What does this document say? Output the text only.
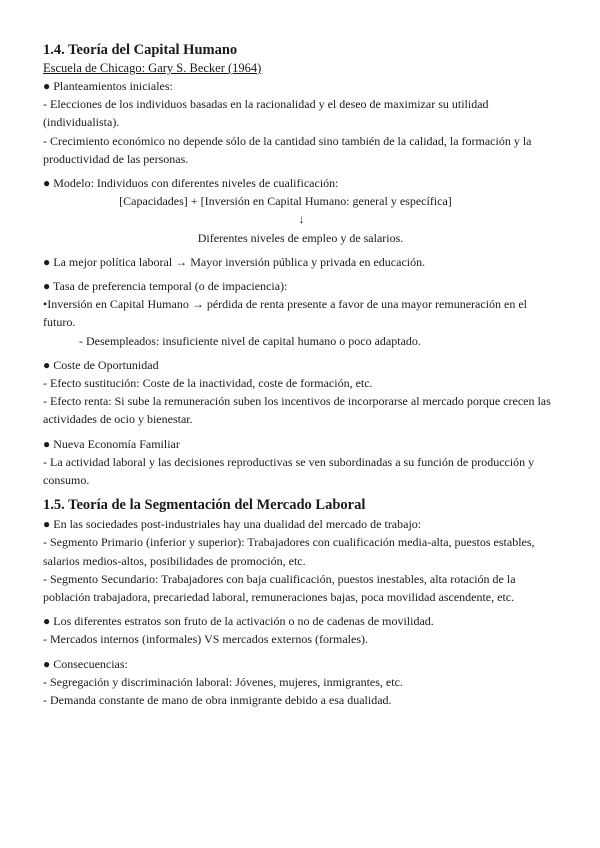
1.4. Teoría del Capital Humano

Escuela de Chicago: Gary S. Becker (1964)

● Planteamientos iniciales:

- Elecciones de los individuos basadas en la racionalidad y el deseo de maximizar su utilidad (individualista).

- Crecimiento económico no depende sólo de la cantidad sino también de la calidad, la formación y la productividad de las personas.

● Modelo: Individuos con diferentes niveles de cualificación:

[Capacidades] + [Inversión en Capital Humano: general y específica]

↓

Diferentes niveles de empleo y de salarios.

● La mejor política laboral → Mayor inversión pública y privada en educación.

● Tasa de preferencia temporal (o de impaciencia):

•Inversión en Capital Humano → pérdida de renta presente a favor de una mayor remuneración en el futuro.

- Desempleados: insuficiente nivel de capital humano o poco adaptado.

● Coste de Oportunidad

- Efecto sustitución: Coste de la inactividad, coste de formación, etc.

- Efecto renta: Si sube la remuneración suben los incentivos de incorporarse al mercado porque crecen las actividades de ocio y bienestar.

● Nueva Economía Familiar

- La actividad laboral y las decisiones reproductivas se ven subordinadas a su función de producción y consumo.

1.5. Teoría de la Segmentación del Mercado Laboral

● En las sociedades post-industriales hay una dualidad del mercado de trabajo:

- Segmento Primario (inferior y superior): Trabajadores con cualificación media-alta, puestos estables, salarios medios-altos, posibilidades de promoción, etc.

- Segmento Secundario: Trabajadores con baja cualificación, puestos inestables, alta rotación de la población trabajadora, precariedad laboral, remuneraciones bajas, poca movilidad ascendente, etc.

● Los diferentes estratos son fruto de la activación o no de cadenas de movilidad.

- Mercados internos (informales) VS mercados externos (formales).

● Consecuencias:

- Segregación y discriminación laboral: Jóvenes, mujeres, inmigrantes, etc.

- Demanda constante de mano de obra inmigrante debido a esa dualidad.
